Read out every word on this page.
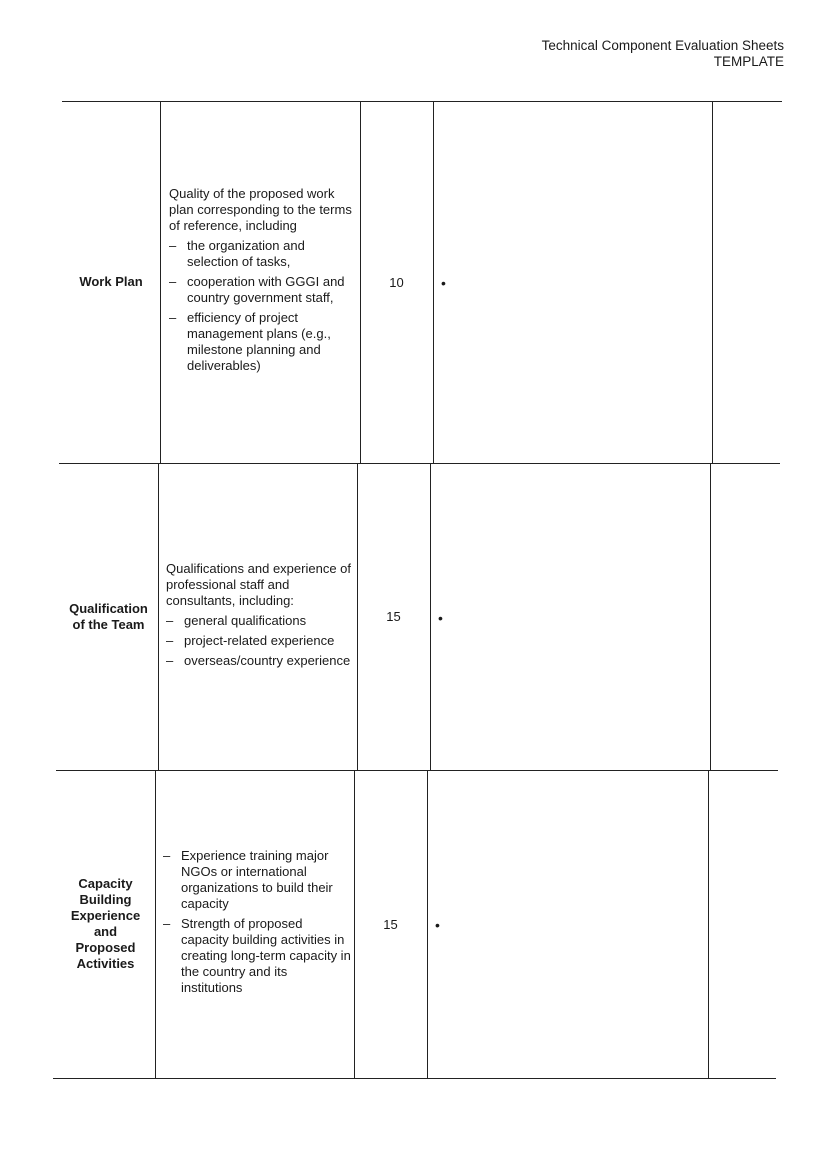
Technical Component Evaluation Sheets
TEMPLATE
Work Plan

Quality of the proposed work plan corresponding to the terms of reference, including

– the organization and selection of tasks,
– cooperation with GGGI and country government staff,
– efficiency of project management plans (e.g., milestone planning and deliverables)
10	•
Qualification of the Team

Qualifications and experience of professional staff and consultants, including:

– general qualifications
– project-related experience
– overseas/country experience
15	•
Capacity Building Experience and Proposed Activities
– Experience training major NGOs or international organizations to build their capacity
– Strength of proposed capacity building activities in creating long-term capacity in the country and its institutions
15	•
